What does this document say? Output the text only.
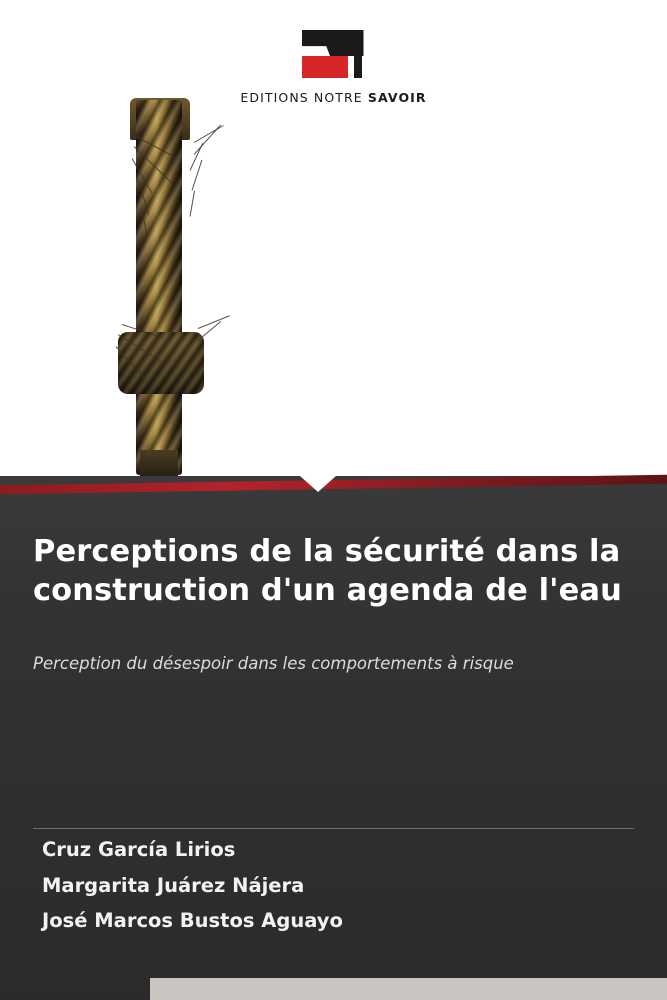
EDITIONS NOTRE SAVOIR
Perceptions de la sécurité dans la construction d'un agenda de l'eau
Perception du désespoir dans les comportements à risque

Cruz García Lirios

Margarita Juárez Nájera

José Marcos Bustos Aguayo
